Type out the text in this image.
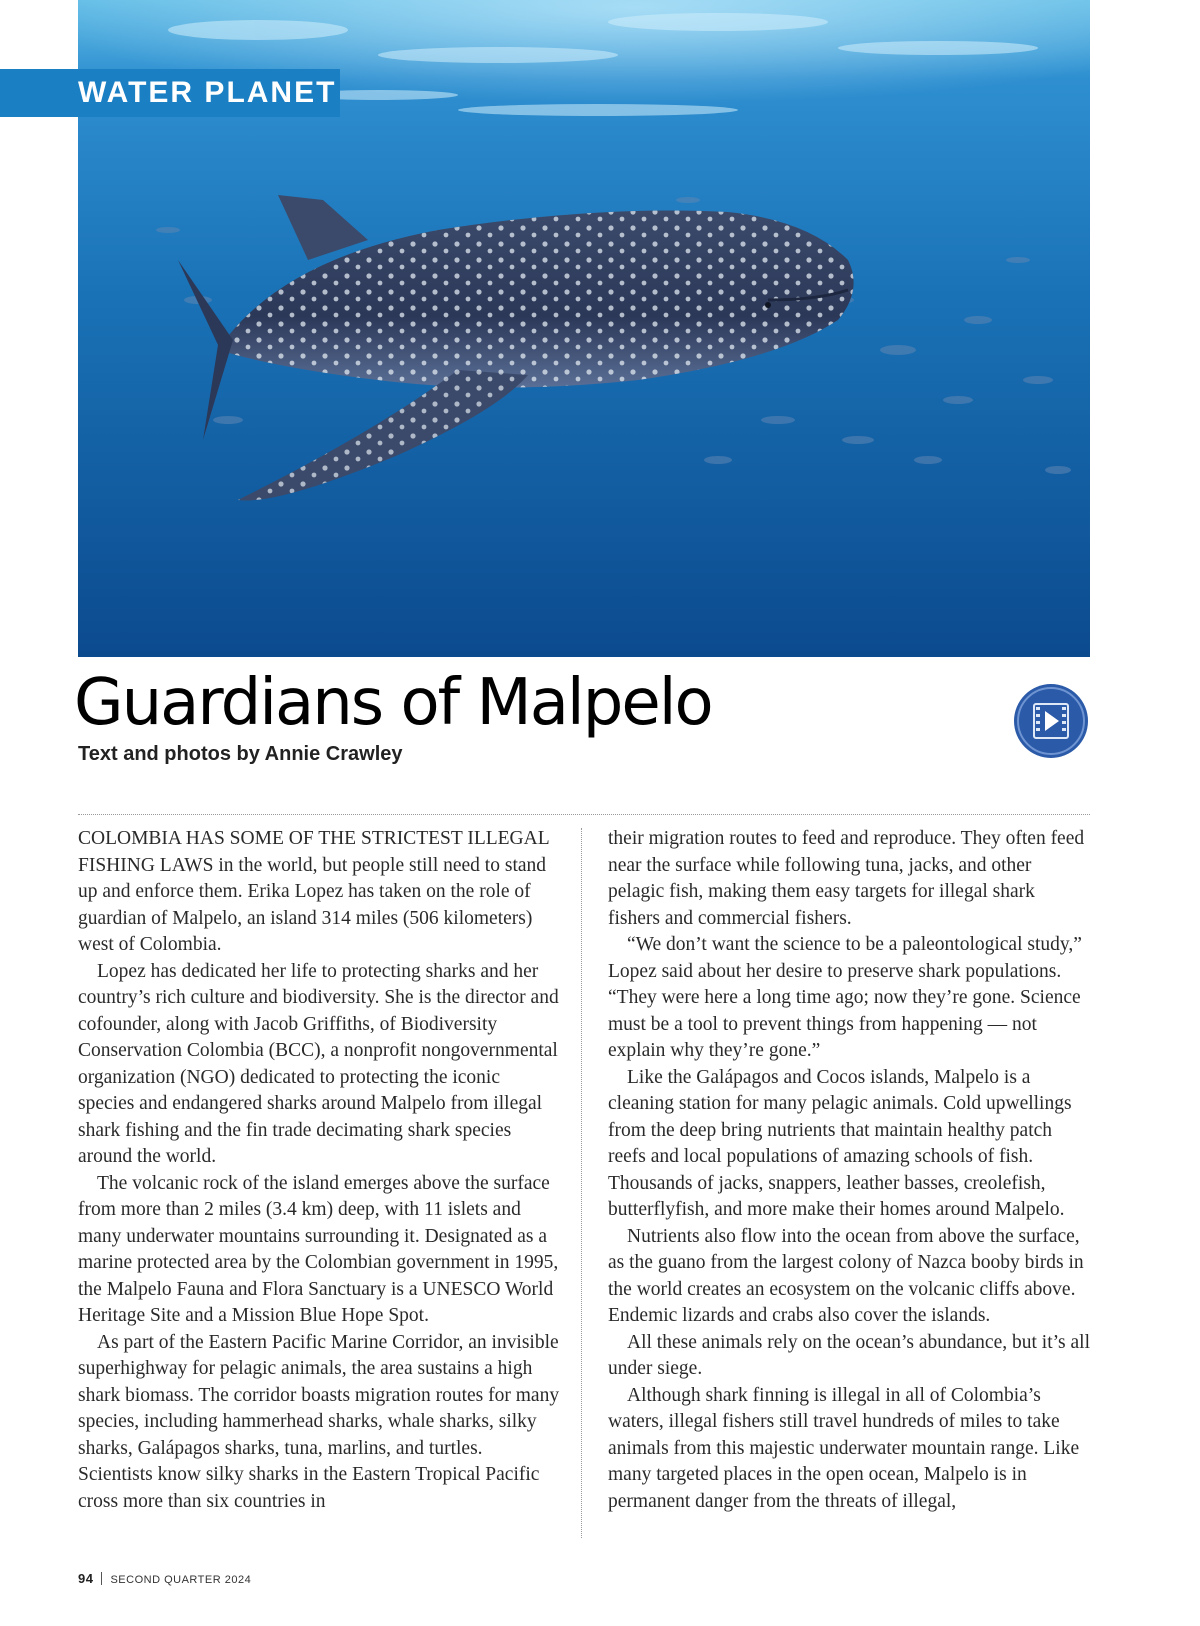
WATER PLANET
Guardians of Malpelo
Text and photos by Annie Crawley

COLOMBIA HAS SOME OF THE STRICTEST ILLEGAL FISHING LAWS in the world, but people still need to stand up and enforce them. Erika Lopez has taken on the role of guardian of Malpelo, an island 314 miles (506 kilometers) west of Colombia.

Lopez has dedicated her life to protecting sharks and her country’s rich culture and biodiversity. She is the director and cofounder, along with Jacob Griffiths, of Biodiversity Conservation Colombia (BCC), a nonprofit nongovernmental organization (NGO) dedicated to protecting the iconic species and endangered sharks around Malpelo from illegal shark fishing and the fin trade decimating shark species around the world.

The volcanic rock of the island emerges above the surface from more than 2 miles (3.4 km) deep, with 11 islets and many underwater mountains surrounding it. Designated as a marine protected area by the Colombian government in 1995, the Malpelo Fauna and Flora Sanctuary is a UNESCO World Heritage Site and a Mission Blue Hope Spot.

As part of the Eastern Pacific Marine Corridor, an invisible superhighway for pelagic animals, the area sustains a high shark biomass. The corridor boasts migration routes for many species, including hammerhead sharks, whale sharks, silky sharks, Galápagos sharks, tuna, marlins, and turtles. Scientists know silky sharks in the Eastern Tropical Pacific cross more than six countries in

their migration routes to feed and reproduce. They often feed near the surface while following tuna, jacks, and other pelagic fish, making them easy targets for illegal shark fishers and commercial fishers.

“We don’t want the science to be a paleontological study,” Lopez said about her desire to preserve shark populations. “They were here a long time ago; now they’re gone. Science must be a tool to prevent things from happening — not explain why they’re gone.”

Like the Galápagos and Cocos islands, Malpelo is a cleaning station for many pelagic animals. Cold upwellings from the deep bring nutrients that maintain healthy patch reefs and local populations of amazing schools of fish. Thousands of jacks, snappers, leather basses, creolefish, butterflyfish, and more make their homes around Malpelo.

Nutrients also flow into the ocean from above the surface, as the guano from the largest colony of Nazca booby birds in the world creates an ecosystem on the volcanic cliffs above. Endemic lizards and crabs also cover the islands.

All these animals rely on the ocean’s abundance, but it’s all under siege.

Although shark finning is illegal in all of Colombia’s waters, illegal fishers still travel hundreds of miles to take animals from this majestic underwater mountain range. Like many targeted places in the open ocean, Malpelo is in permanent danger from the threats of illegal,

94 SECOND QUARTER 2024
